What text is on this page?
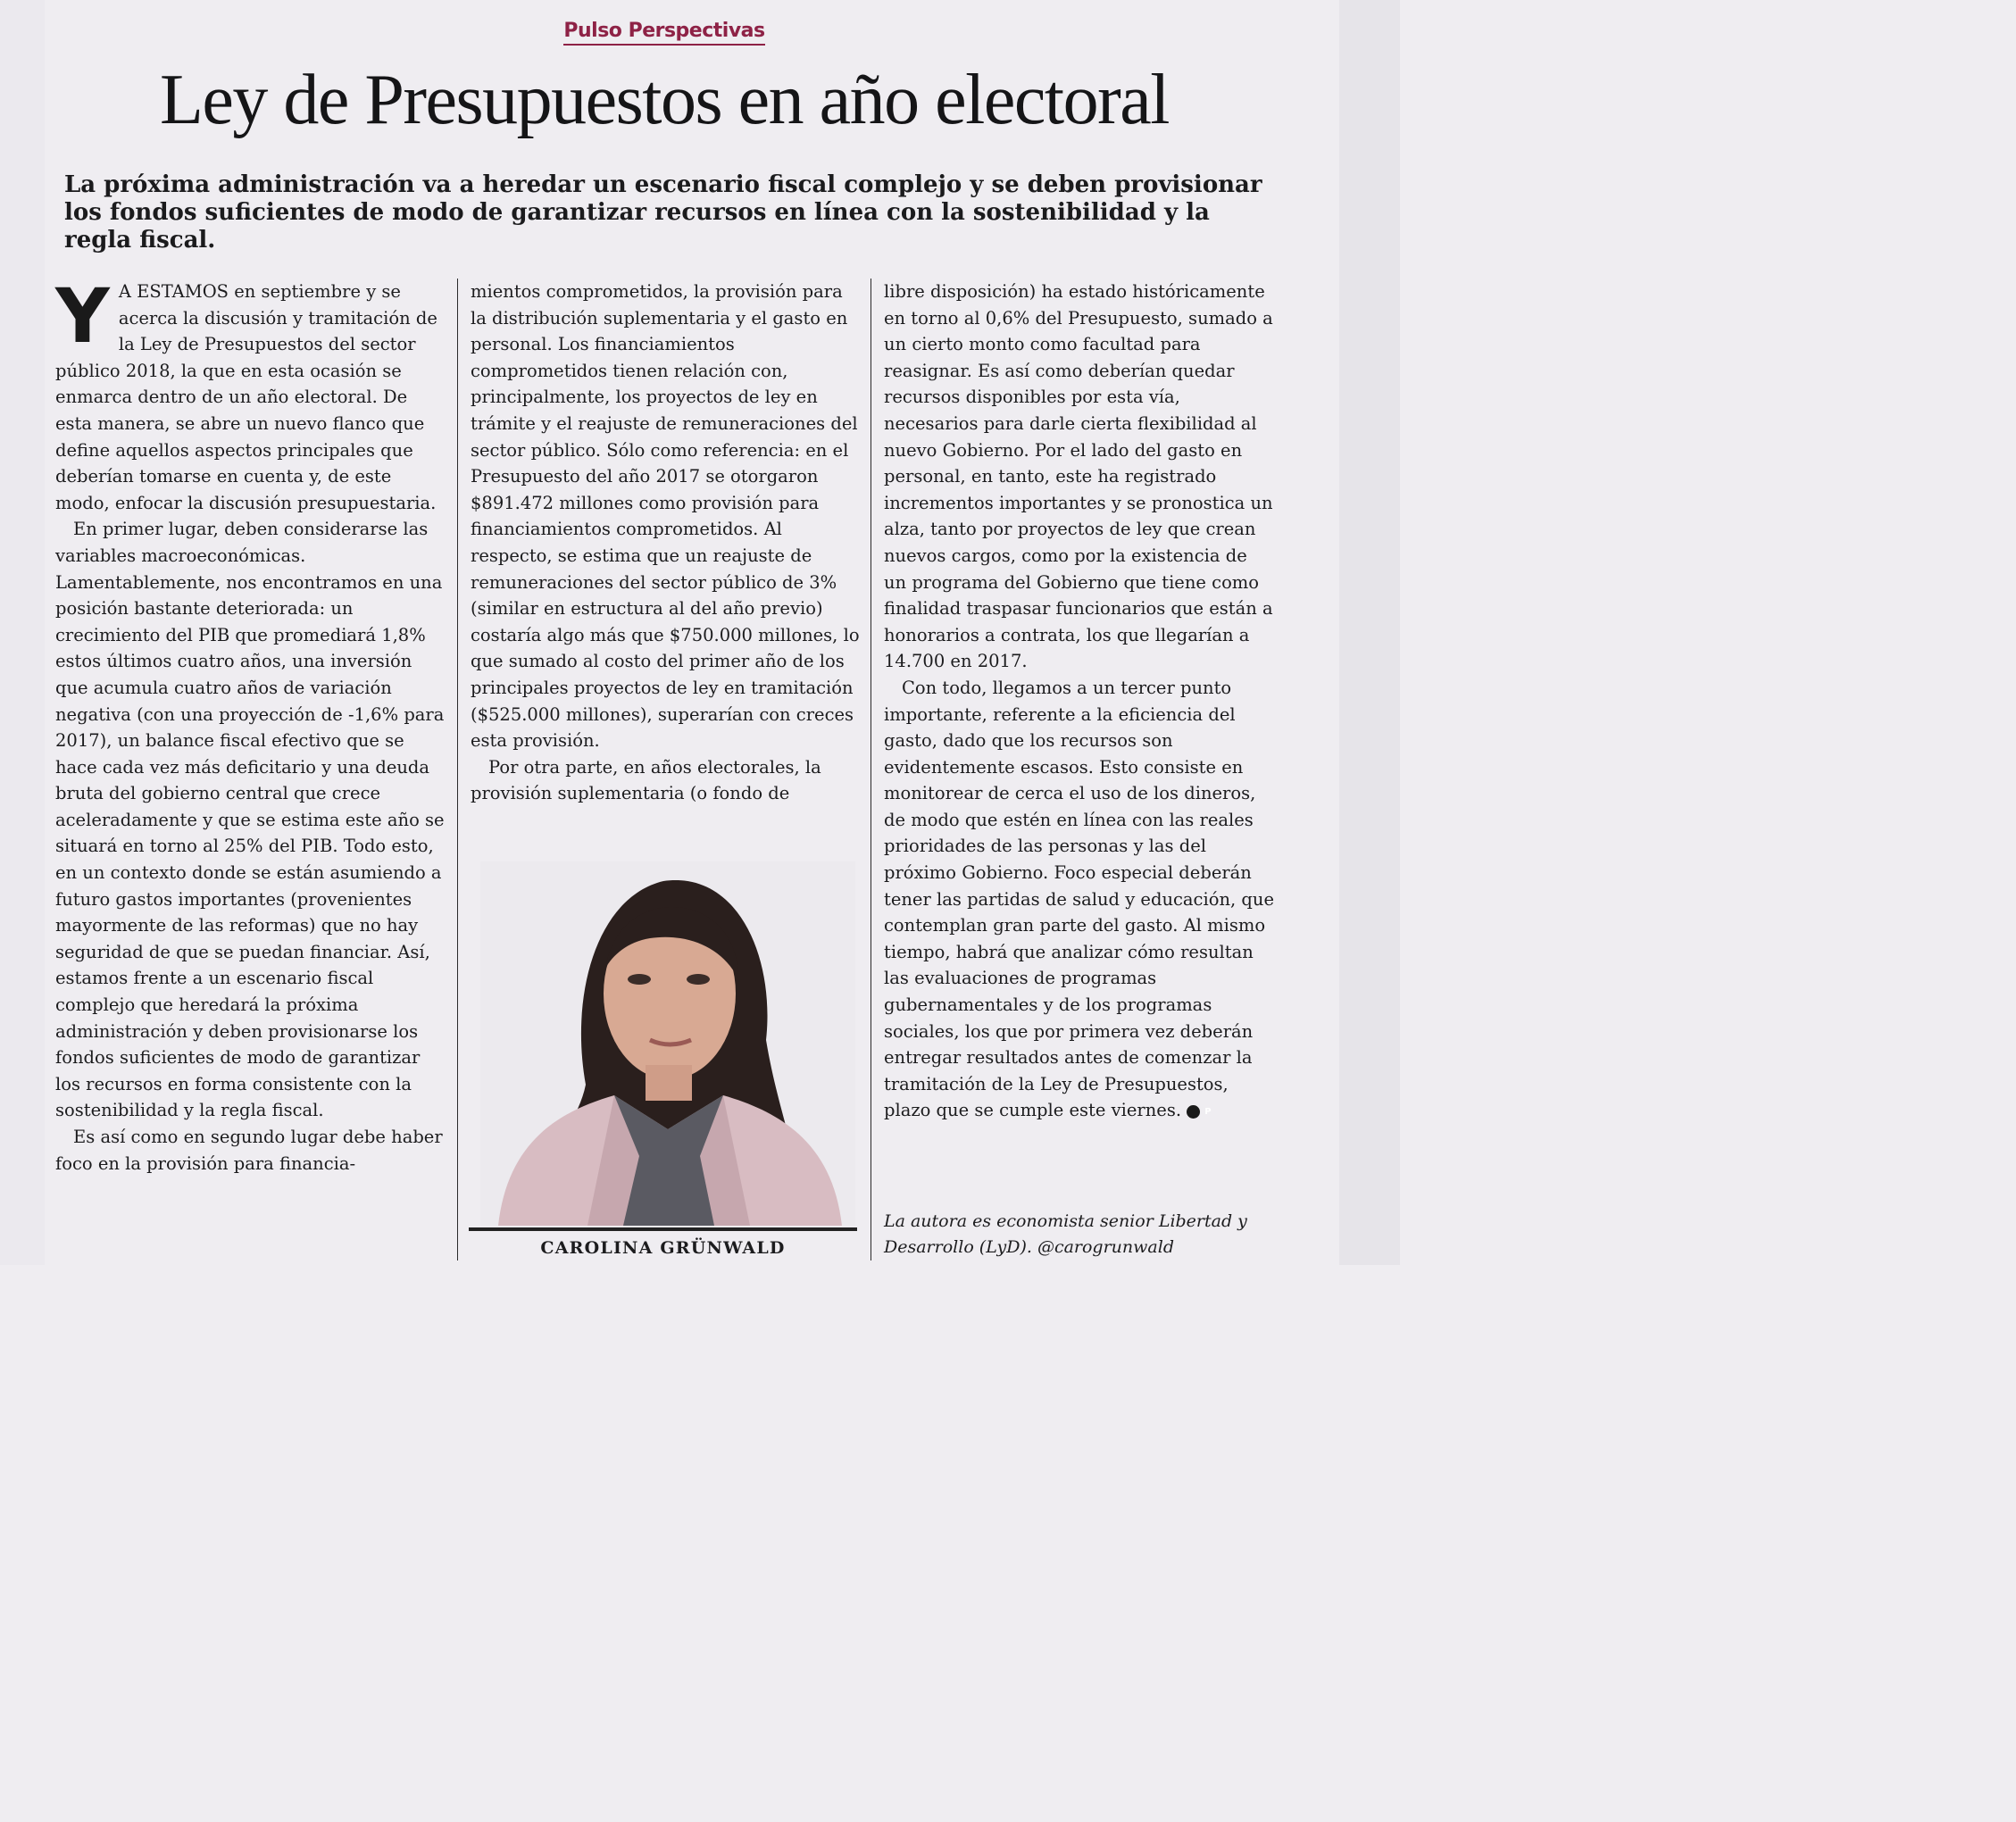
Pulso Perspectivas
Ley de Presupuestos en año electoral

La próxima administración va a heredar un escenario fiscal complejo y se deben provisionar los fondos suficientes de modo de garantizar recursos en línea con la sostenibilidad y la regla fiscal.

Y A ESTAMOS en septiembre y se acerca la discusión y tramitación de la Ley de Presupuestos del sector público 2018, la que en esta ocasión se enmarca dentro de un año electoral. De esta manera, se abre un nuevo flanco que define aquellos aspectos principales que deberían tomarse en cuenta y, de este modo, enfocar la discusión presupuestaria.

En primer lugar, deben considerarse las variables macroeconómicas. Lamentablemente, nos encontramos en una posición bastante deteriorada: un crecimiento del PIB que promediará 1,8% estos últimos cuatro años, una inversión que acumula cuatro años de variación negativa (con una proyección de -1,6% para 2017), un balance fiscal efectivo que se hace cada vez más deficitario y una deuda bruta del gobierno central que crece aceleradamente y que se estima este año se situará en torno al 25% del PIB. Todo esto, en un contexto donde se están asumiendo a futuro gastos importantes (provenientes mayormente de las reformas) que no hay seguridad de que se puedan financiar. Así, estamos frente a un escenario fiscal complejo que heredará la próxima administración y deben provisionarse los fondos suficientes de modo de garantizar los recursos en forma consistente con la sostenibilidad y la regla fiscal.

Es así como en segundo lugar debe haber foco en la provisión para financia-

mientos comprometidos, la provisión para la distribución suplementaria y el gasto en personal. Los financiamientos comprometidos tienen relación con, principalmente, los proyectos de ley en trámite y el reajuste de remuneraciones del sector público. Sólo como referencia: en el Presupuesto del año 2017 se otorgaron $891.472 millones como provisión para financiamientos comprometidos. Al respecto, se estima que un reajuste de remuneraciones del sector público de 3% (similar en estructura al del año previo) costaría algo más que $750.000 millones, lo que sumado al costo del primer año de los principales proyectos de ley en tramitación ($525.000 millones), superarían con creces esta provisión.

Por otra parte, en años electorales, la provisión suplementaria (o fondo de

CAROLINA GRÜNWALD

libre disposición) ha estado históricamente en torno al 0,6% del Presupuesto, sumado a un cierto monto como facultad para reasignar. Es así como deberían quedar recursos disponibles por esta vía, necesarios para darle cierta flexibilidad al nuevo Gobierno. Por el lado del gasto en personal, en tanto, este ha registrado incrementos importantes y se pronostica un alza, tanto por proyectos de ley que crean nuevos cargos, como por la existencia de un programa del Gobierno que tiene como finalidad traspasar funcionarios que están a honorarios a contrata, los que llegarían a 14.700 en 2017.

Con todo, llegamos a un tercer punto importante, referente a la eficiencia del gasto, dado que los recursos son evidentemente escasos. Esto consiste en monitorear de cerca el uso de los dineros, de modo que estén en línea con las reales prioridades de las personas y las del próximo Gobierno. Foco especial deberán tener las partidas de salud y educación, que contemplan gran parte del gasto. Al mismo tiempo, habrá que analizar cómo resultan las evaluaciones de programas gubernamentales y de los programas sociales, los que por primera vez deberán entregar resultados antes de comenzar la tramitación de la Ley de Presupuestos, plazo que se cumple este viernes.	P

La autora es economista senior Libertad y Desarrollo (LyD). @carogrunwald
